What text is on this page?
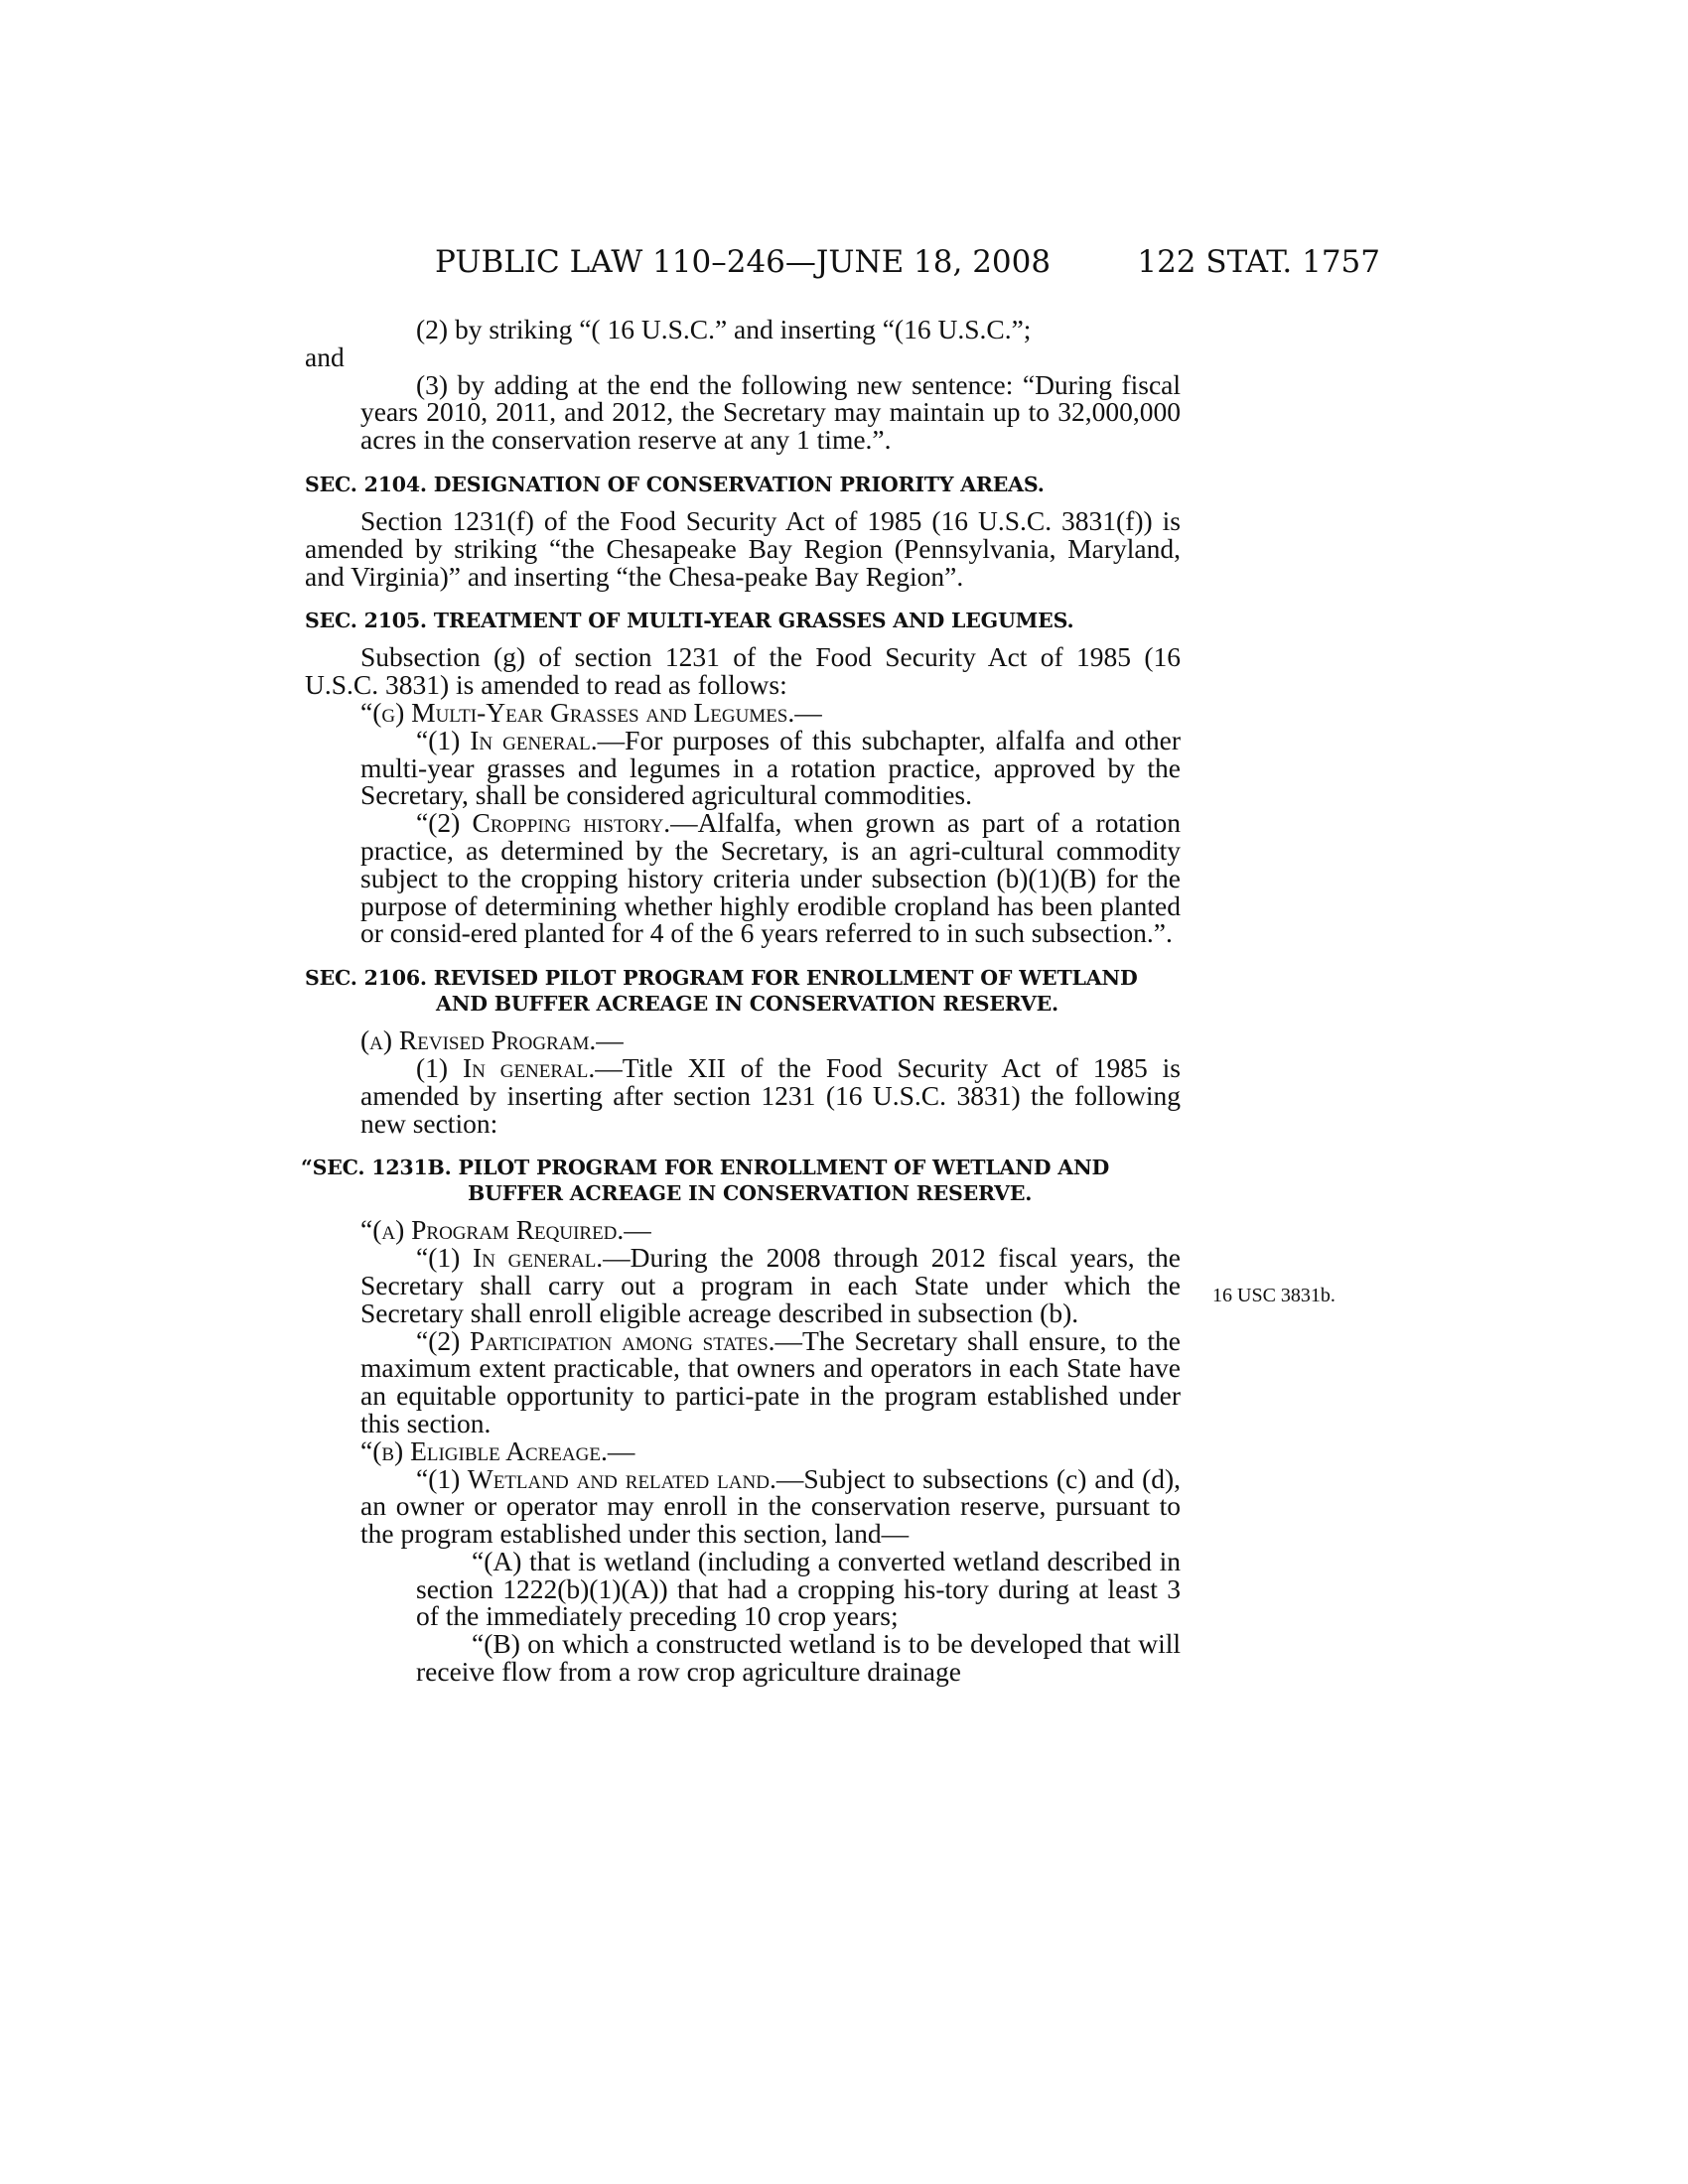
PUBLIC LAW 110–246—JUNE 18, 2008	122 STAT. 1757
16 USC 3831b.

(2) by striking “( 16 U.S.C.” and inserting “(16 U.S.C.”;

and

(3) by adding at the end the following new sentence: “During fiscal years 2010, 2011, and 2012, the Secretary may maintain up to 32,000,000 acres in the conservation reserve at any 1 time.”.

SEC. 2104. DESIGNATION OF CONSERVATION PRIORITY AREAS.

Section 1231(f) of the Food Security Act of 1985 (16 U.S.C. 3831(f)) is amended by striking “the Chesapeake Bay Region (Pennsylvania, Maryland, and Virginia)” and inserting “the Chesa-peake Bay Region”.

SEC. 2105. TREATMENT OF MULTI-YEAR GRASSES AND LEGUMES.

Subsection (g) of section 1231 of the Food Security Act of 1985 (16 U.S.C. 3831) is amended to read as follows:

“(g) Multi-Year Grasses and Legumes.—

“(1) In general.—For purposes of this subchapter, alfalfa and other multi-year grasses and legumes in a rotation practice, approved by the Secretary, shall be considered agricultural commodities.

“(2) Cropping history.—Alfalfa, when grown as part of a rotation practice, as determined by the Secretary, is an agri-cultural commodity subject to the cropping history criteria under subsection (b)(1)(B) for the purpose of determining whether highly erodible cropland has been planted or consid-ered planted for 4 of the 6 years referred to in such subsection.”.

SEC. 2106. REVISED PILOT PROGRAM FOR ENROLLMENT OF WETLAND AND BUFFER ACREAGE IN CONSERVATION RESERVE.

(a) Revised Program.—

(1) In general.—Title XII of the Food Security Act of 1985 is amended by inserting after section 1231 (16 U.S.C. 3831) the following new section:

“SEC. 1231B. PILOT PROGRAM FOR ENROLLMENT OF WETLAND AND BUFFER ACREAGE IN CONSERVATION RESERVE.

“(a) Program Required.—

“(1) In general.—During the 2008 through 2012 fiscal years, the Secretary shall carry out a program in each State under which the Secretary shall enroll eligible acreage described in subsection (b).

“(2) Participation among states.—The Secretary shall ensure, to the maximum extent practicable, that owners and operators in each State have an equitable opportunity to partici-pate in the program established under this section.

“(b) Eligible Acreage.—

“(1) Wetland and related land.—Subject to subsections (c) and (d), an owner or operator may enroll in the conservation reserve, pursuant to the program established under this section, land—

“(A) that is wetland (including a converted wetland described in section 1222(b)(1)(A)) that had a cropping his-tory during at least 3 of the immediately preceding 10 crop years;

“(B) on which a constructed wetland is to be developed that will receive flow from a row crop agriculture drainage
